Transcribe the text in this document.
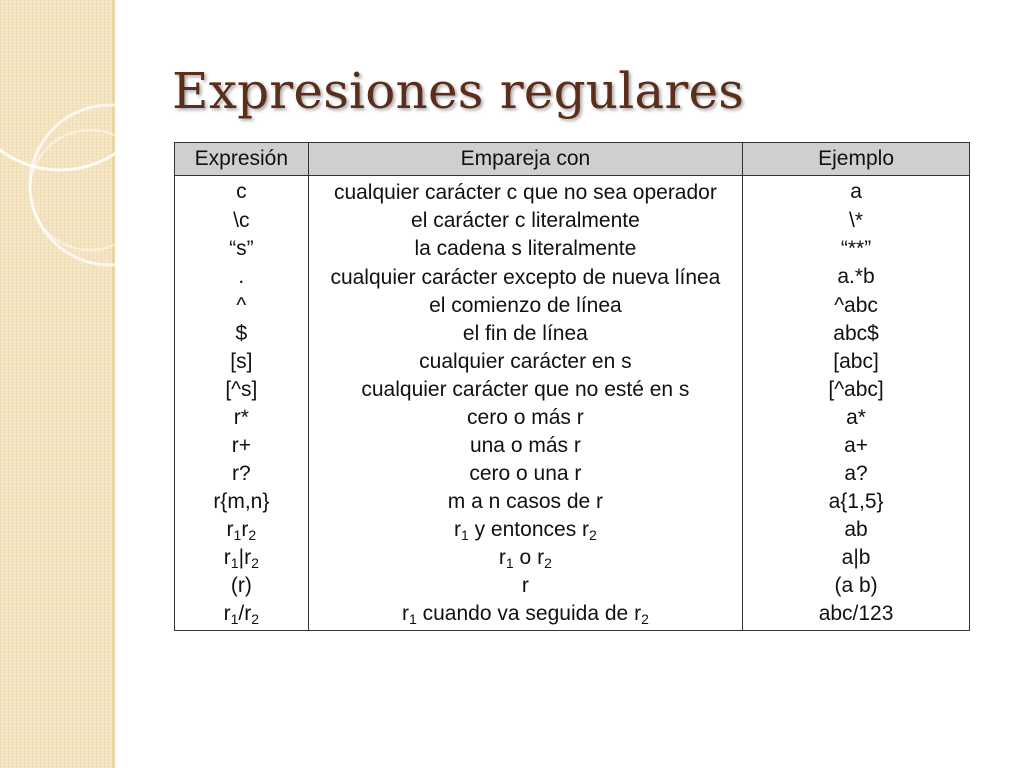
Expresiones regulares
Expresión	Empareja con	Ejemplo
c	cualquier carácter c que no sea operador	a
\c	el carácter c literalmente	\*
“s”	la cadena s literalmente	“**”
.	cualquier carácter excepto de nueva línea	a.*b
^	el comienzo de línea	^abc
$	el fin de línea	abc$
[s]	cualquier carácter en s	[abc]
[^s]	cualquier carácter que no esté en s	[^abc]
r*	cero o más r	a*
r+	una o más r	a+
r?	cero o una r	a?
r{m,n}	m a n casos de r	a{1,5}
$r_1r_2$	$r_1$ y entonces $r_2$	ab
$r_1|r_2$	$r_1$ o $r_2$	a|b
(r)	r	(a b)
$r_1/r_2$	$r_1$ cuando va seguida de $r_2$	abc/123
